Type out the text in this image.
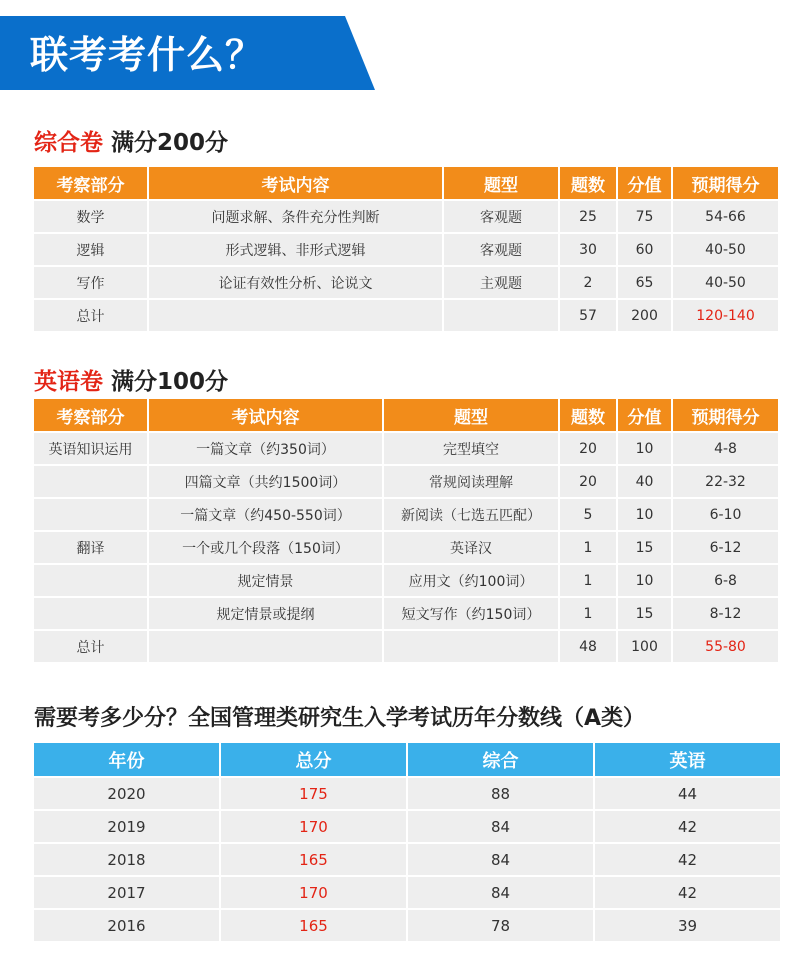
联考考什么？
综合卷 满分200分
考察部分	考试内容	题型	题数	分值	预期得分
数学	问题求解、条件充分性判断	客观题	25	75	54-66
逻辑	形式逻辑、非形式逻辑	客观题	30	60	40-50
写作	论证有效性分析、论说文	主观题	2	65	40-50
总计			57	200	120-140
英语卷 满分100分
考察部分	考试内容	题型	题数	分值	预期得分
英语知识运用	一篇文章（约350词）	完型填空	20	10	4-8
	四篇文章（共约1500词）	常规阅读理解	20	40	22-32
	一篇文章（约450-550词）	新阅读（七选五匹配）	5	10	6-10
翻译	一个或几个段落（150词）	英译汉	1	15	6-12
	规定情景	应用文（约100词）	1	10	6-8
	规定情景或提纲	短文写作（约150词）	1	15	8-12
总计			48	100	55-80
需要考多少分？全国管理类研究生入学考试历年分数线（A类）
年份	总分	综合	英语
2020	175	88	44
2019	170	84	42
2018	165	84	42
2017	170	84	42
2016	165	78	39
